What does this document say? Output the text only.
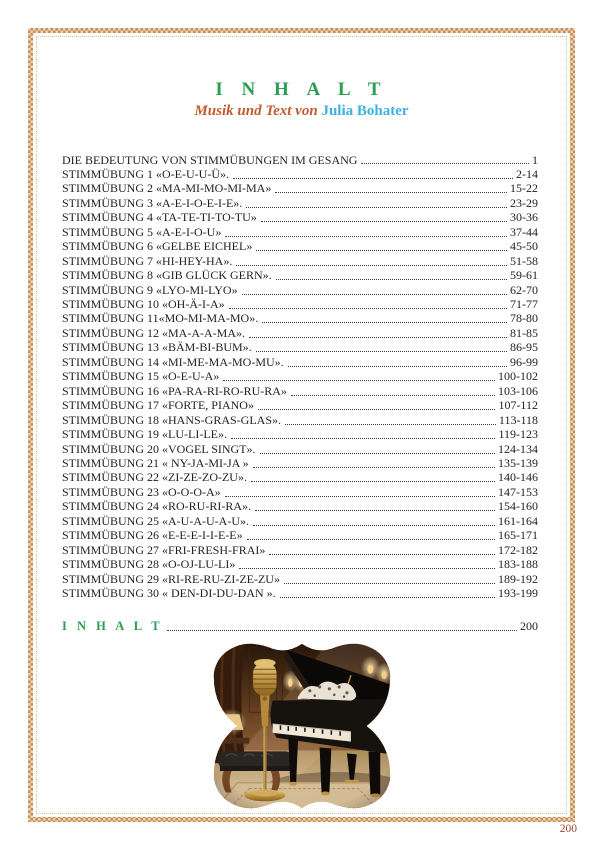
I N H A L T

Musik und Text von Julia Bohater

DIE BEDEUTUNG VON STIMMÜBUNGEN IM GESANG	1
STIMMÜBUNG 1 «O-E-U-U-Ü».	2-14
STIMMÜBUNG 2 «MA-MI-MO-MI-MA»	15-22
STIMMÜBUNG 3 «A-E-I-O-E-I-E».	23-29
STIMMÜBUNG 4 «TA-TE-TI-TO-TU»	30-36
STIMMÜBUNG 5 «A-E-I-O-U»	37-44
STIMMÜBUNG 6 «GELBE EICHEL»	45-50
STIMMÜBUNG 7 «HI-HEY-HA».	51-58
STIMMÜBUNG 8 «GIB GLÜCK GERN».	59-61
STIMMÜBUNG 9 «LYO-MI-LYO»	62-70
STIMMÜBUNG 10 «OH-Ä-I-A»	71-77
STIMMÜBUNG 11«MO-MI-MA-MO».	78-80
STIMMÜBUNG 12 «MA-A-A-MA».	81-85
STIMMÜBUNG 13 «BÄM-BI-BUM».	86-95
STIMMÜBUNG 14 «MI-ME-MA-MO-MU».	96-99
STIMMÜBUNG 15 «O-E-U-A»	100-102
STIMMÜBUNG 16 «PA-RA-RI-RO-RU-RA»	103-106
STIMMÜBUNG 17 «FORTE, PIANO»	107-112
STIMMÜBUNG 18 «HANS-GRAS-GLAS».	113-118
STIMMÜBUNG 19 «LU-LI-LE».	119-123
STIMMÜBUNG 20 «VOGEL SINGT».	124-134
STIMMÜBUNG 21 « NY-JA-MI-JA »	135-139
STIMMÜBUNG 22 «ZI-ZE-ZO-ZU».	140-146
STIMMÜBUNG 23 «O-O-O-A»	147-153
STIMMÜBUNG 24 «RO-RU-RI-RA».	154-160
STIMMÜBUNG 25 «A-U-A-U-A-U».	161-164
STIMMÜBUNG 26 «E-E-E-I-I-E-E»	165-171
STIMMÜBUNG 27 «FRI-FRESH-FRAI»	172-182
STIMMÜBUNG 28 «O-OJ-LU-LI»	183-188
STIMMÜBUNG 29 «RI-RE-RU-ZI-ZE-ZU»	189-192
STIMMÜBUNG 30 « DEN-DI-DU-DAN ».	193-199
I N H A L T	200
200
